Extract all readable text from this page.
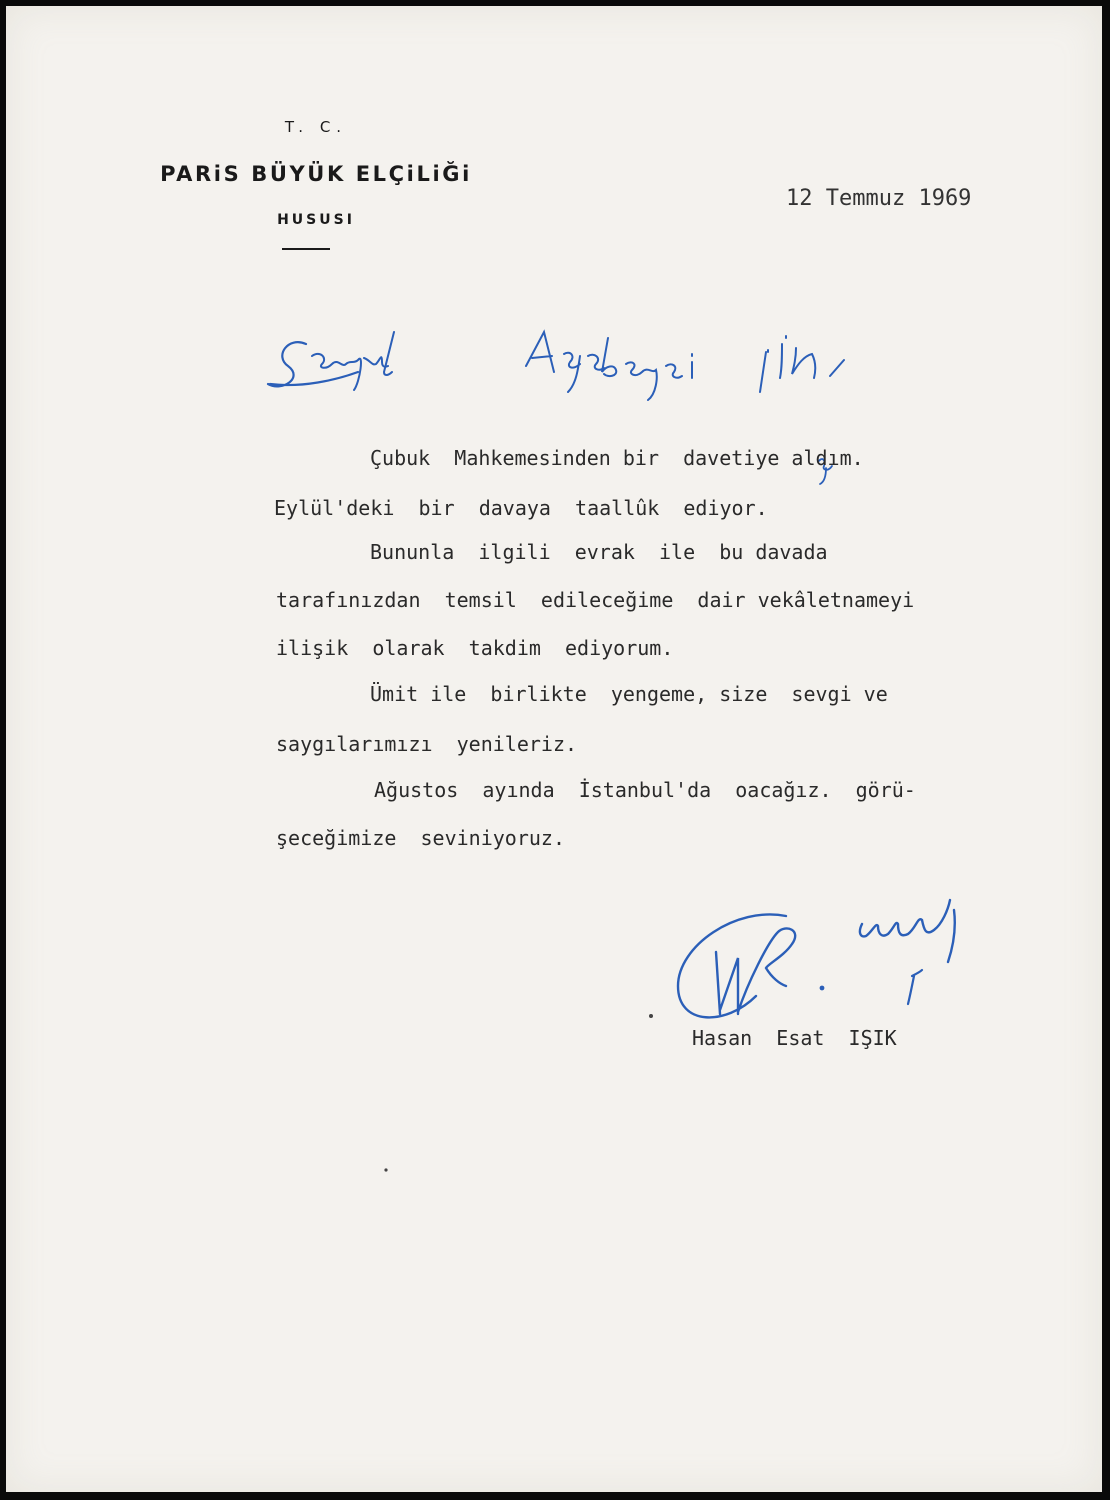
T. C.
PARiS BÜYÜK ELÇiLiĞi
HUSUSI
12 Temmuz 1969
Çubuk  Mahkemesinden bir  davetiye aldım.
Eylül'deki  bir  davaya  taallûk  ediyor.
Bununla  ilgili  evrak  ile  bu davada
tarafınızdan  temsil  edileceğime  dair vekâletnameyi
ilişik  olarak  takdim  ediyorum.
Ümit ile  birlikte  yengeme, size  sevgi ve
saygılarımızı  yenileriz.
Ağustos  ayında  İstanbul'da  oacağız.  görü-
şeceğimize  seviniyoruz.
Hasan  Esat  IŞIK
